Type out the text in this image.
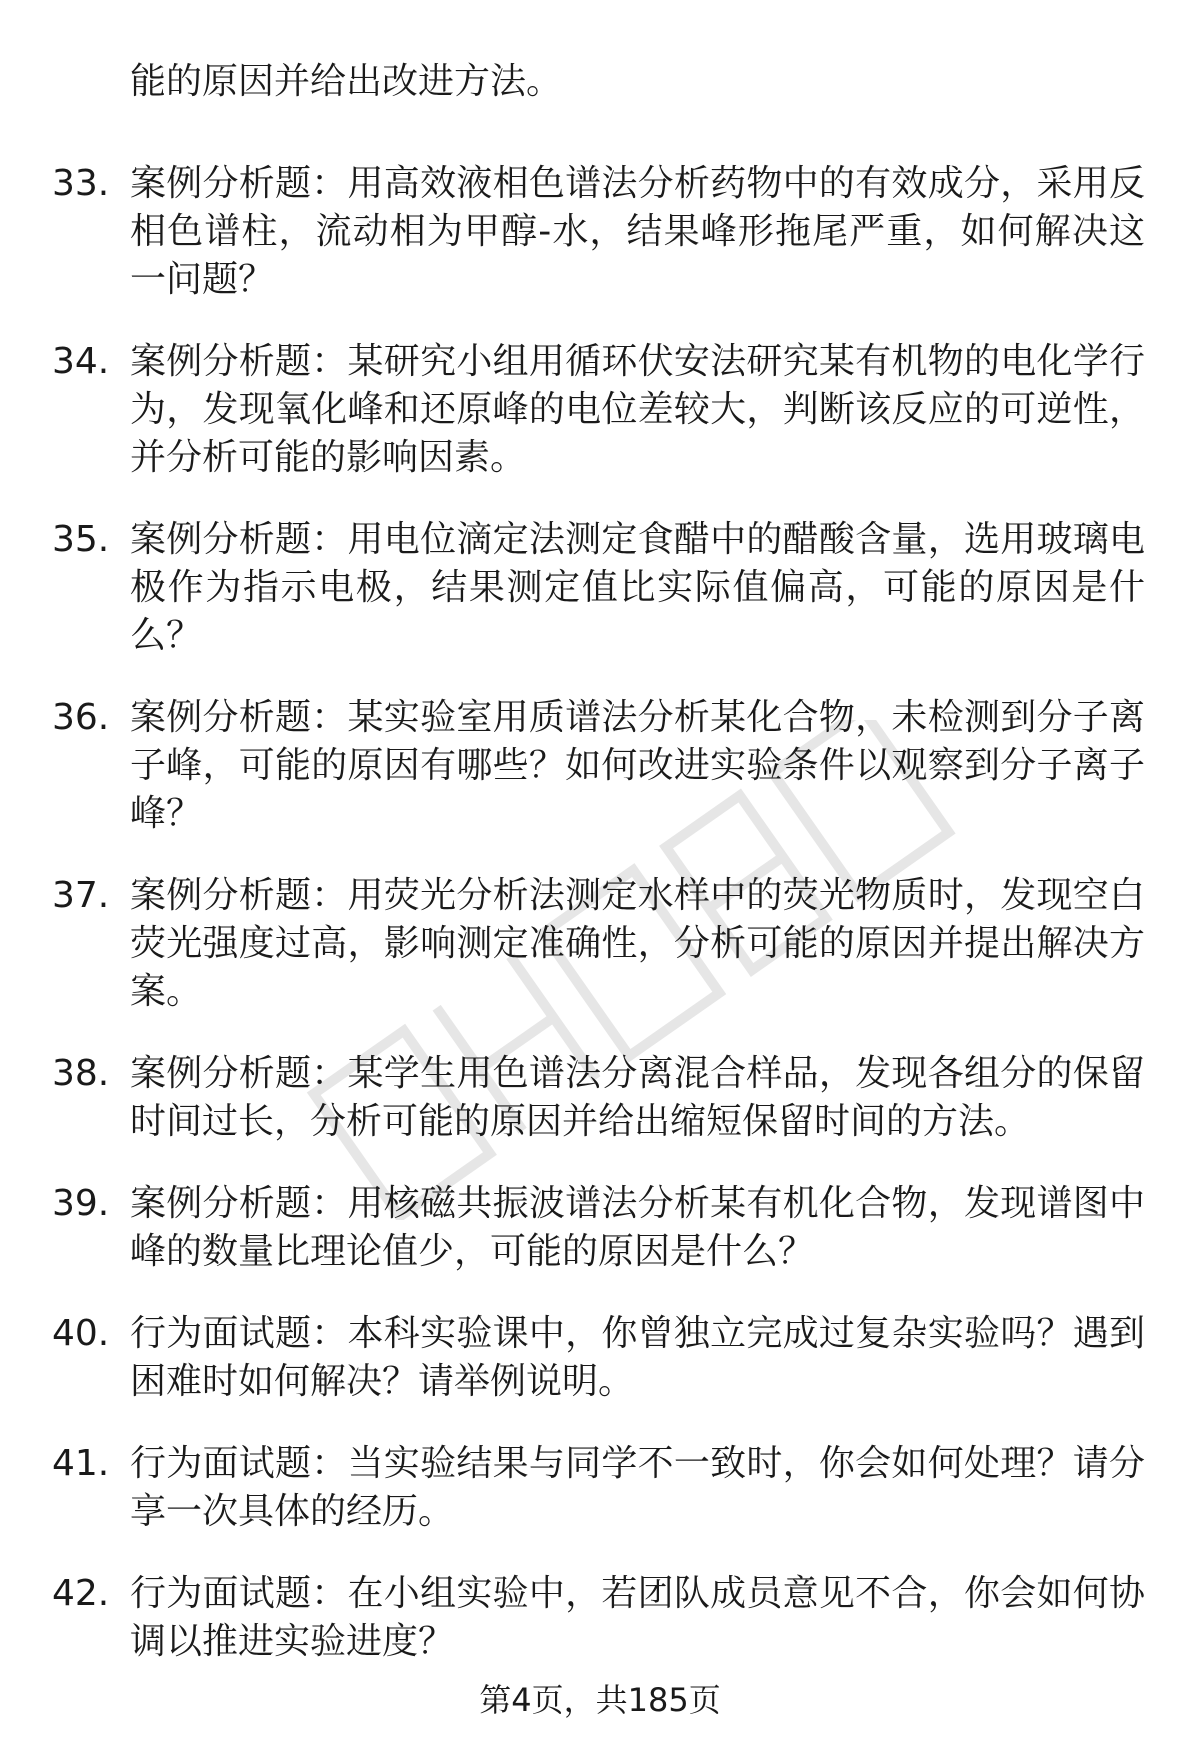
能的原因并给出改进方法。

33. 案例分析题：用高效液相色谱法分析药物中的有效成分，采用反相色谱柱，流动相为甲醇-水，结果峰形拖尾严重，如何解决这一问题？
34. 案例分析题：某研究小组用循环伏安法研究某有机物的电化学行为，发现氧化峰和还原峰的电位差较大，判断该反应的可逆性，并分析可能的影响因素。
35. 案例分析题：用电位滴定法测定食醋中的醋酸含量，选用玻璃电极作为指示电极，结果测定值比实际值偏高，可能的原因是什么？
36. 案例分析题：某实验室用质谱法分析某化合物，未检测到分子离子峰，可能的原因有哪些？如何改进实验条件以观察到分子离子峰？
37. 案例分析题：用荧光分析法测定水样中的荧光物质时，发现空白荧光强度过高，影响测定准确性，分析可能的原因并提出解决方案。
38. 案例分析题：某学生用色谱法分离混合样品，发现各组分的保留时间过长，分析可能的原因并给出缩短保留时间的方法。
39. 案例分析题：用核磁共振波谱法分析某有机化合物，发现谱图中峰的数量比理论值少，可能的原因是什么？
40. 行为面试题：本科实验课中，你曾独立完成过复杂实验吗？遇到困难时如何解决？请举例说明。
41. 行为面试题：当实验结果与同学不一致时，你会如何处理？请分享一次具体的经历。
42. 行为面试题：在小组实验中，若团队成员意见不合，你会如何协调以推进实验进度？
第4页，共185页
